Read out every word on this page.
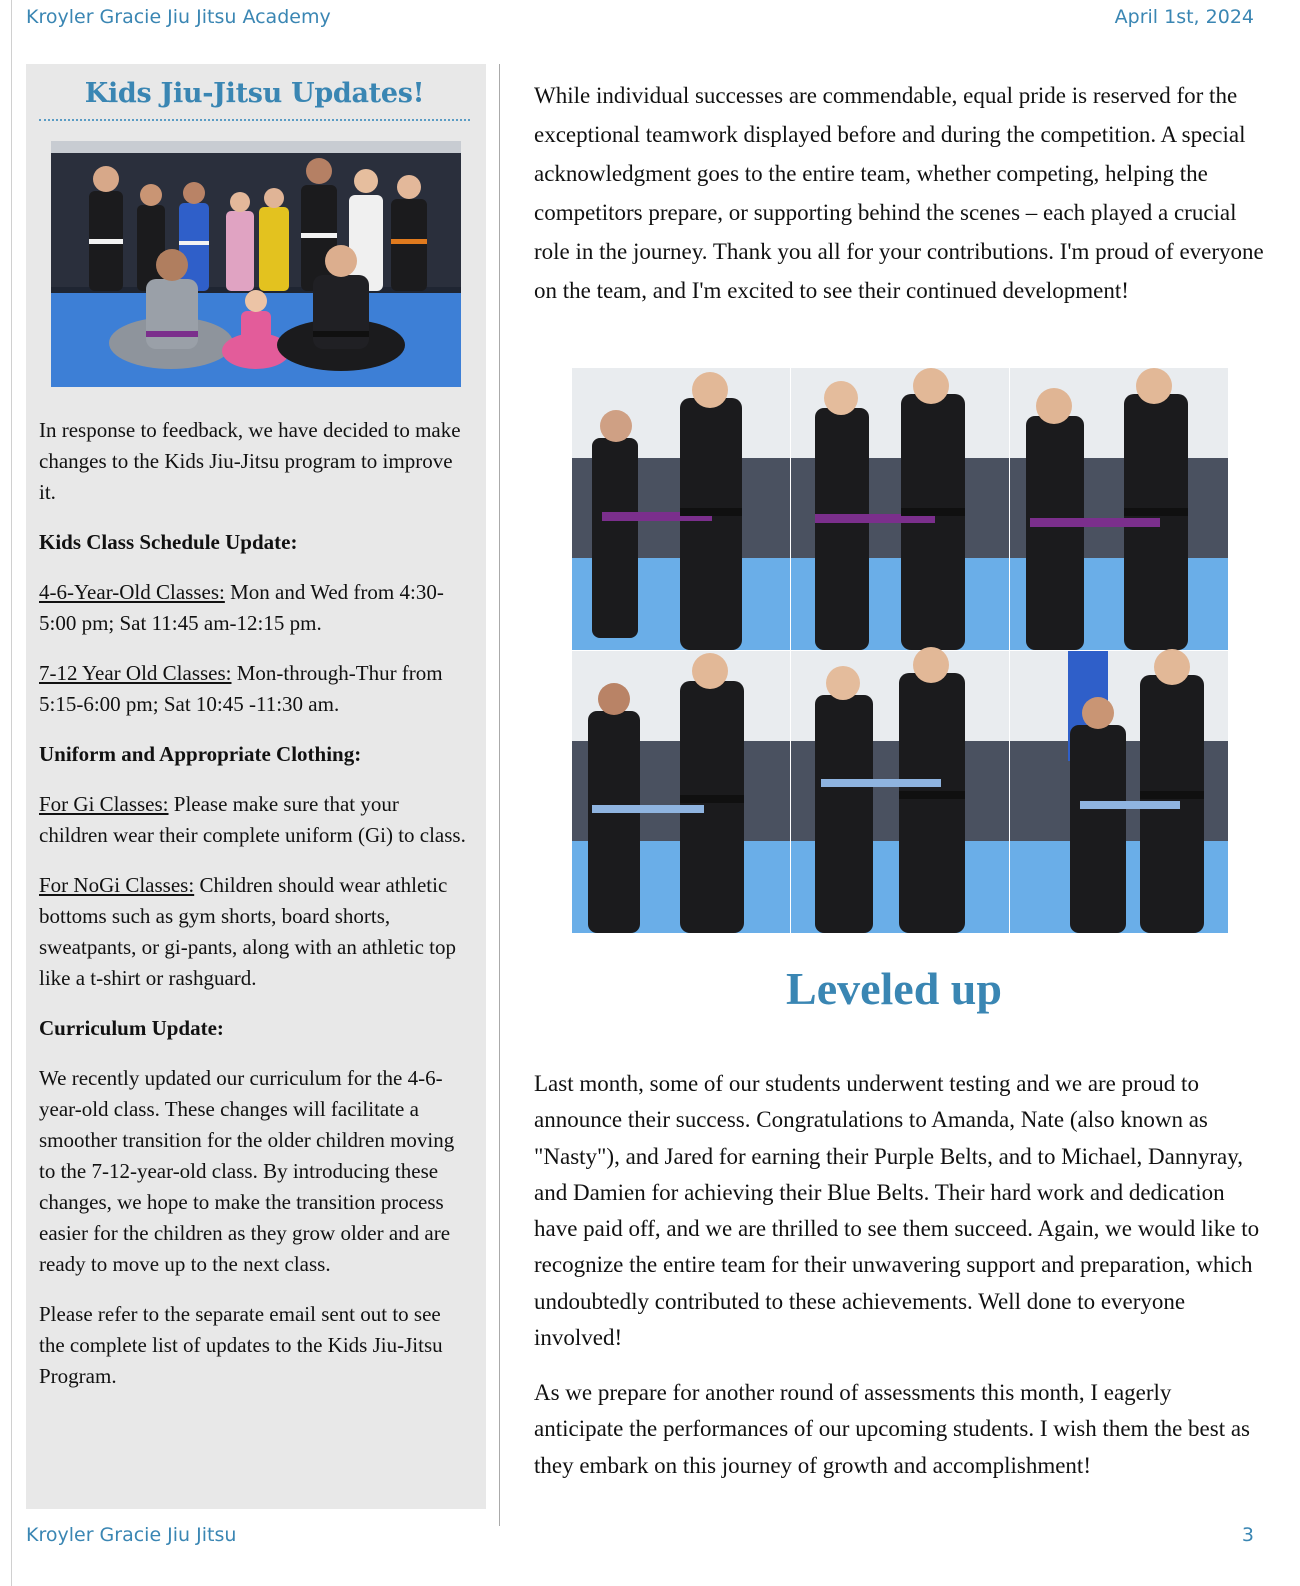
Kroyler Gracie Jiu Jitsu Academy	April 1st, 2024
Kids Jiu-Jitsu Updates!

In response to feedback, we have decided to make changes to the Kids Jiu-Jitsu program to improve it.

Kids Class Schedule Update:

4-6-Year-Old Classes: Mon and Wed from 4:30-5:00 pm; Sat 11:45 am-12:15 pm.

7-12 Year Old Classes: Mon-through-Thur from 5:15-6:00 pm; Sat 10:45 -11:30 am.

Uniform and Appropriate Clothing:

For Gi Classes: Please make sure that your children wear their complete uniform (Gi) to class.

For NoGi Classes: Children should wear athletic bottoms such as gym shorts, board shorts, sweatpants, or gi-pants, along with an athletic top like a t-shirt or rashguard.

Curriculum Update:

We recently updated our curriculum for the 4-6-year-old class. These changes will facilitate a smoother transition for the older children moving to the 7-12-year-old class. By introducing these changes, we hope to make the transition process easier for the children as they grow older and are ready to move up to the next class.

Please refer to the separate email sent out to see the complete list of updates to the Kids Jiu-Jitsu Program.

While individual successes are commendable, equal pride is reserved for the exceptional teamwork displayed before and during the competition. A special acknowledgment goes to the entire team, whether competing, helping the competitors prepare, or supporting behind the scenes – each played a crucial role in the journey. Thank you all for your contributions. I'm proud of everyone on the team, and I'm excited to see their continued development!

Leveled up

Last month, some of our students underwent testing and we are proud to announce their success. Congratulations to Amanda, Nate (also known as "Nasty"), and Jared for earning their Purple Belts, and to Michael, Dannyray, and Damien for achieving their Blue Belts. Their hard work and dedication have paid off, and we are thrilled to see them succeed. Again, we would like to recognize the entire team for their unwavering support and preparation, which undoubtedly contributed to these achievements. Well done to everyone involved!

As we prepare for another round of assessments this month, I eagerly anticipate the performances of our upcoming students. I wish them the best as they embark on this journey of growth and accomplishment!

Kroyler Gracie Jiu Jitsu	3
